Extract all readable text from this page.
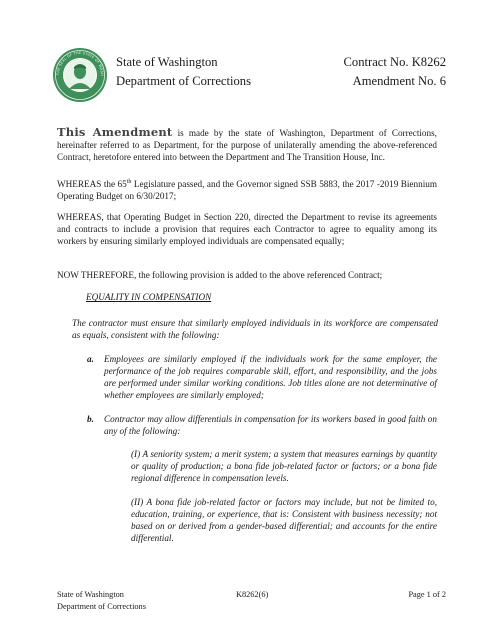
THE SEAL OF THE STATE OF WASH
State of Washington
Department of Corrections
Contract No. K8262
Amendment No. 6
This Amendment is made by the state of Washington, Department of Corrections, hereinafter referred to as Department, for the purpose of unilaterally amending the above-referenced Contract, heretofore entered into between the Department and The Transition House, Inc.
WHEREAS the 65th Legislature passed, and the Governor signed SSB 5883, the 2017 -2019 Biennium Operating Budget on 6/30/2017;
WHEREAS, that Operating Budget in Section 220, directed the Department to revise its agreements and contracts to include a provision that requires each Contractor to agree to equality among its workers by ensuring similarly employed individuals are compensated equally;
NOW THEREFORE, the following provision is added to the above referenced Contract;
EQUALITY IN COMPENSATION
The contractor must ensure that similarly employed individuals in its workforce are compensated as equals, consistent with the following:
a. Employees are similarly employed if the individuals work for the same employer, the performance of the job requires comparable skill, effort, and responsibility, and the jobs are performed under similar working conditions. Job titles alone are not determinative of whether employees are similarly employed;
b. Contractor may allow differentials in compensation for its workers based in good faith on any of the following:
(I) A seniority system; a merit system; a system that measures earnings by quantity or quality of production; a bona fide job-related factor or factors; or a bona fide regional difference in compensation levels.
(II) A bona fide job-related factor or factors may include, but not be limited to, education, training, or experience, that is: Consistent with business necessity; not based on or derived from a gender-based differential; and accounts for the entire differential.
State of Washington
Department of Corrections
K8262(6)	Page 1 of 2
